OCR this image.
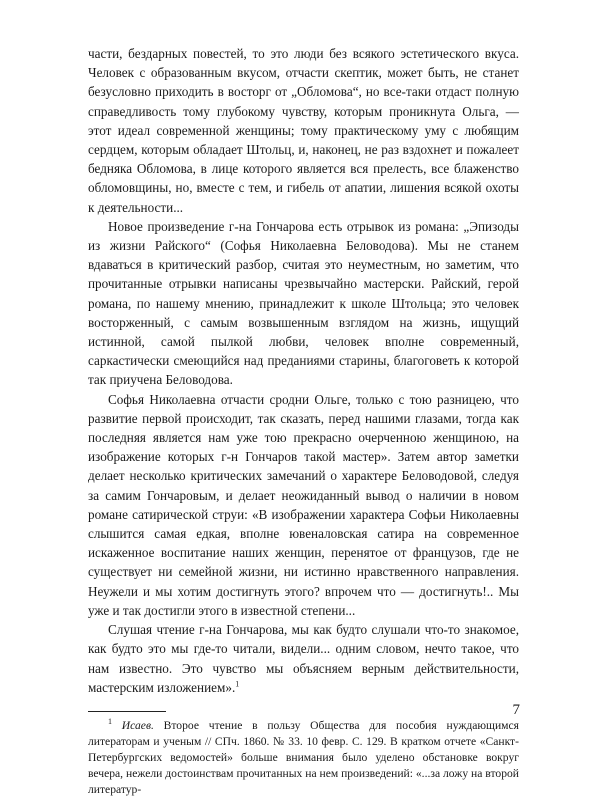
части, бездарных повестей, то это люди без всякого эстетического вкуса. Человек с образованным вкусом, отчасти скептик, может быть, не станет безусловно приходить в восторг от „Обломова“, но все-таки отдаст полную справедливость тому глубокому чувству, которым проникнута Ольга, — этот идеал современной женщины; тому практическому уму с любящим сердцем, которым обладает Штольц, и, наконец, не раз вздохнет и пожалеет бедняка Обломова, в лице которого является вся прелесть, все блаженство обломовщины, но, вместе с тем, и гибель от апатии, лишения всякой охоты к деятельности...

Новое произведение г-на Гончарова есть отрывок из романа: „Эпизоды из жизни Райского“ (Софья Николаевна Беловодова). Мы не станем вдаваться в критический разбор, считая это неуместным, но заметим, что прочитанные отрывки написаны чрезвычайно мастерски. Райский, герой романа, по нашему мнению, принадлежит к школе Штольца; это человек восторженный, с самым возвышенным взглядом на жизнь, ищущий истинной, самой пылкой любви, человек вполне современный, саркастически смеющийся над преданиями старины, благоговеть к которой так приучена Беловодова.

Софья Николаевна отчасти сродни Ольге, только с тою разницею, что развитие первой происходит, так сказать, перед нашими глазами, тогда как последняя является нам уже тою прекрасно очерченною женщиною, на изображение которых г-н Гончаров такой мастер». Затем автор заметки делает несколько критических замечаний о характере Беловодовой, следуя за самим Гончаровым, и делает неожиданный вывод о наличии в новом романе сатирической струи: «В изображении характера Софьи Николаевны слышится самая едкая, вполне ювеналовская сатира на современное искаженное воспитание наших женщин, перенятое от французов, где не существует ни семейной жизни, ни истинно нравственного направления. Неужели и мы хотим достигнуть этого? впрочем что — достигнуть!.. Мы уже и так достигли этого в известной степени...

Слушая чтение г-на Гончарова, мы как будто слушали что-то знакомое, как будто это мы где-то читали, видели... одним словом, нечто такое, что нам известно. Это чувство мы объясняем верным действительности, мастерским изложением».$^1$

$^1$ Исаев. Второе чтение в пользу Общества для пособия нуждающимся литераторам и ученым // СПч. 1860. № 33. 10 февр. С. 129. В кратком отчете «Санкт-Петербургских ведомостей» больше внимания было уделено обстановке вокруг вечера, нежели достоинствам прочитанных на нем произведений: «...за ложу на второй литератур-

7
